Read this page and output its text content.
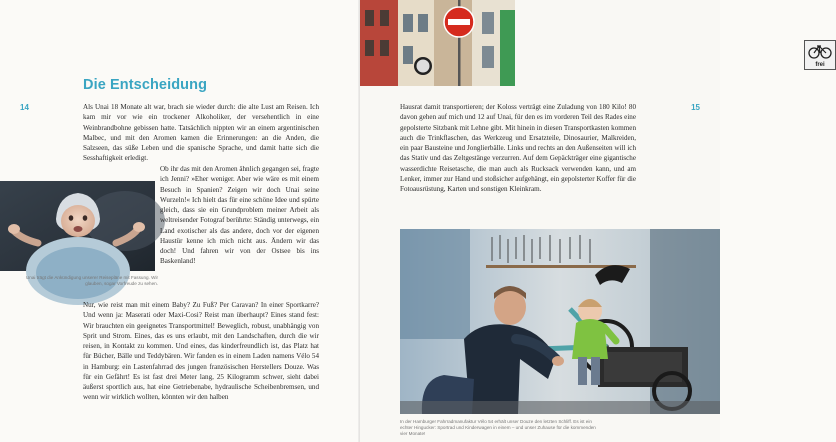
14
Die Entscheidung

Als Unai 18 Monate alt war, brach sie wieder durch: die alte Lust am Reisen. Ich kam mir vor wie ein trockener Alkoholiker, der versehentlich in eine Weinbrandbohne gebissen hatte. Tatsächlich nippten wir an einem argentinischen Malbec, und mit den Aromen kamen die Erinnerungen: an die Anden, die Salzseen, das süße Leben und die spanische Sprache, und damit hatte sich die Sesshaftigkeit erledigt.

Unai trägt die Ankündigung unserer Reisepläne mit Fassung. Wir glauben, sogar Vorfreude zu sehen.

Ob ihr das mit den Aromen ähnlich gegangen sei, fragte ich Jenni? »Eher weniger. Aber wie wäre es mit einem Besuch in Spanien? Zeigen wir doch Unai seine Wurzeln!« Ich hielt das für eine schöne Idee und spürte gleich, dass sie ein Grundproblem meiner Arbeit als weltreisender Fotograf berührte: Ständig unterwegs, ein Land exotischer als das andere, doch vor der eigenen Haustür kenne ich mich nicht aus. Ändern wir das doch! Und fahren wir von der Ostsee bis ins Baskenland!

Nur, wie reist man mit einem Baby? Zu Fuß? Per Caravan? In einer Sportkarre? Und wenn ja: Maserati oder Maxi-Cosi? Reist man überhaupt? Eines stand fest: Wir brauchten ein geeignetes Transportmittel! Beweglich, robust, unabhängig von Sprit und Strom. Eines, das es uns erlaubt, mit den Landschaften, durch die wir reisen, in Kontakt zu kommen. Und eines, das kinderfreundlich ist, das Platz hat für Bücher, Bälle und Teddybären. Wir fanden es in einem Laden namens Vélo 54 in Hamburg: ein Lastenfahrrad des jungen französischen Herstellers Douze. Was für ein Gefährt! Es ist fast drei Meter lang, 25 Kilogramm schwer, sieht dabei äußerst sportlich aus, hat eine Getriebenabe, hydraulische Scheibenbremsen, und wenn wir wirklich wollten, könnten wir den halben

15
frei

Hausrat damit transportieren; der Koloss verträgt eine Zuladung von 180 Kilo! 80 davon gehen auf mich und 12 auf Unai, für den es im vorderen Teil des Rades eine gepolsterte Sitzbank mit Lehne gibt. Mit hinein in diesen Transportkasten kommen auch die Trinkflaschen, das Werkzeug und Ersatzteile, Dinosaurier, Malkreiden, ein paar Bausteine und Jonglierbälle. Links und rechts an den Außenseiten will ich das Stativ und das Zeltgestänge verzurren. Auf dem Gepäckträger eine gigantische wasserdichte Reisetasche, die man auch als Rucksack verwenden kann, und am Lenker, immer zur Hand und stoßsicher aufgehängt, ein gepolsterter Koffer für die Fotoausrüstung, Karten und sonstigen Kleinkram.

In der Hamburger Fahrradmanufaktur Vélo 54 erhält unser Douze den letzten Schliff. Es ist ein echter Hingucker: Sportrad und Kinderwagen in einem – und unser Zuhause für die kommenden vier Monate!
